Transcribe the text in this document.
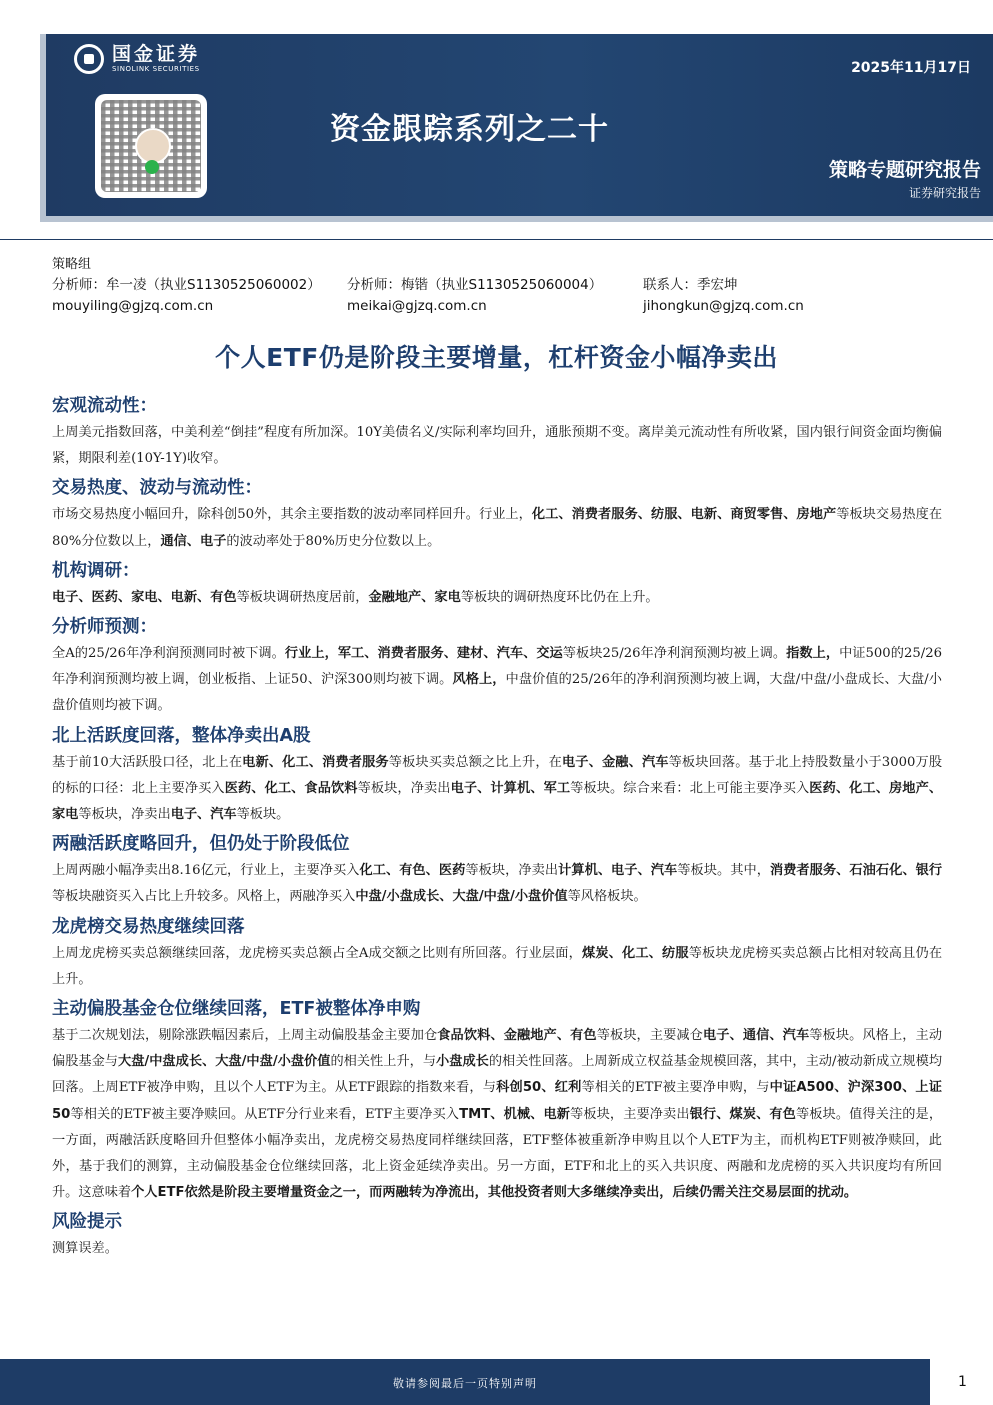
国金证券
SINOLINK SECURITIES	2025年11月17日
资金跟踪系列之二十
策略专题研究报告
证券研究报告
策略组
分析师：牟一凌（执业S1130525060002）	分析师：梅锴（执业S1130525060004）	联系人：季宏坤
mouyiling@gjzq.com.cn	meikai@gjzq.com.cn	jihongkun@gjzq.com.cn
个人ETF仍是阶段主要增量，杠杆资金小幅净卖出
宏观流动性：

上周美元指数回落，中美利差“倒挂”程度有所加深。10Y美债名义/实际利率均回升，通胀预期不变。离岸美元流动性有所收紧，国内银行间资金面均衡偏紧，期限利差(10Y-1Y)收窄。

交易热度、波动与流动性：

市场交易热度小幅回升，除科创50外，其余主要指数的波动率同样回升。行业上，化工、消费者服务、纺服、电新、商贸零售、房地产等板块交易热度在80%分位数以上，通信、电子的波动率处于80%历史分位数以上。

机构调研：

电子、医药、家电、电新、有色等板块调研热度居前，金融地产、家电等板块的调研热度环比仍在上升。

分析师预测：

全A的25/26年净利润预测同时被下调。行业上，军工、消费者服务、建材、汽车、交运等板块25/26年净利润预测均被上调。指数上，中证500的25/26年净利润预测均被上调，创业板指、上证50、沪深300则均被下调。风格上，中盘价值的25/26年的净利润预测均被上调，大盘/中盘/小盘成长、大盘/小盘价值则均被下调。

北上活跃度回落，整体净卖出A股

基于前10大活跃股口径，北上在电新、化工、消费者服务等板块买卖总额之比上升，在电子、金融、汽车等板块回落。基于北上持股数量小于3000万股的标的口径：北上主要净买入医药、化工、食品饮料等板块，净卖出电子、计算机、军工等板块。综合来看：北上可能主要净买入医药、化工、房地产、家电等板块，净卖出电子、汽车等板块。

两融活跃度略回升，但仍处于阶段低位

上周两融小幅净卖出8.16亿元，行业上，主要净买入化工、有色、医药等板块，净卖出计算机、电子、汽车等板块。其中，消费者服务、石油石化、银行等板块融资买入占比上升较多。风格上，两融净买入中盘/小盘成长、大盘/中盘/小盘价值等风格板块。

龙虎榜交易热度继续回落

上周龙虎榜买卖总额继续回落，龙虎榜买卖总额占全A成交额之比则有所回落。行业层面，煤炭、化工、纺服等板块龙虎榜买卖总额占比相对较高且仍在上升。

主动偏股基金仓位继续回落，ETF被整体净申购

基于二次规划法，剔除涨跌幅因素后，上周主动偏股基金主要加仓食品饮料、金融地产、有色等板块，主要减仓电子、通信、汽车等板块。风格上，主动偏股基金与大盘/中盘成长、大盘/中盘/小盘价值的相关性上升，与小盘成长的相关性回落。上周新成立权益基金规模回落，其中，主动/被动新成立规模均回落。上周ETF被净申购，且以个人ETF为主。从ETF跟踪的指数来看，与科创50、红利等相关的ETF被主要净申购，与中证A500、沪深300、上证50等相关的ETF被主要净赎回。从ETF分行业来看，ETF主要净买入TMT、机械、电新等板块，主要净卖出银行、煤炭、有色等板块。值得关注的是，一方面，两融活跃度略回升但整体小幅净卖出，龙虎榜交易热度同样继续回落，ETF整体被重新净申购且以个人ETF为主，而机构ETF则被净赎回，此外，基于我们的测算，主动偏股基金仓位继续回落，北上资金延续净卖出。另一方面，ETF和北上的买入共识度、两融和龙虎榜的买入共识度均有所回升。这意味着个人ETF依然是阶段主要增量资金之一，而两融转为净流出，其他投资者则大多继续净卖出，后续仍需关注交易层面的扰动。

风险提示

测算误差。

敬请参阅最后一页特别声明	1
